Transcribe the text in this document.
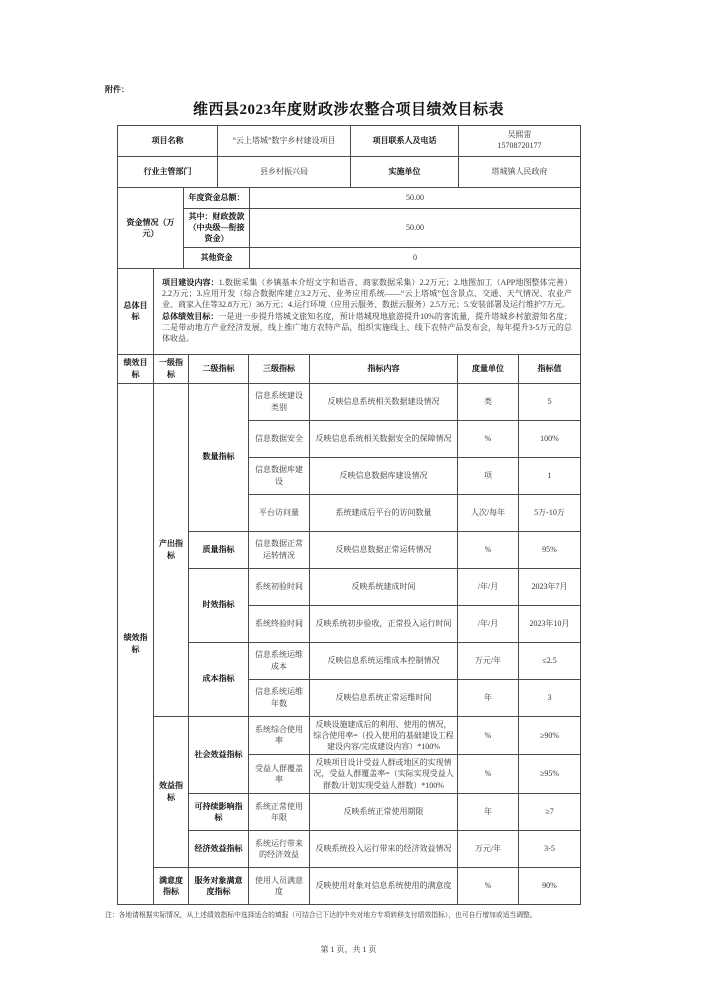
附件：
维西县2023年度财政涉农整合项目绩效目标表
项目名称	“云上塔城”数字乡村建设项目	项目联系人及电话	吴熙雷
15708720177

行业主管部门	县乡村振兴局	实施单位	塔城镇人民政府
资金情况（万元）	年度资金总额：	50.00
	其中：财政拨款（中央级—衔接资金）	50.00
	其他资金	0
总体目标	

项目建设内容：1.数据采集（乡镇基本介绍文字和语音、商家数据采集）2.2万元；2.地图加工（APP地图整体完善）2.2万元；3.应用开发（综合数据库建立3.2万元、业务应用系统——“云上塔城”包含景点、交通、天气情况、农业产业、商家入住等32.8万元）36万元；4.运行环境（应用云服务、数据云服务）2.5万元；5.安装部署及运行维护7万元。

总体绩效目标：一是进一步提升塔城文旅知名度，预计塔城现地旅游提升10%的客流量，提升塔城乡村旅游知名度；二是带动地方产业经济发展，线上推广地方农特产品，组织实施线上、线下农特产品发布会，每年提升3-5万元的总体收益。

绩效目标	一级指标	二级指标	三级指标	指标内容	度量单位	指标值
绩效指标	产出指标	数量指标	信息系统建设类别	反映信息系统相关数据建设情况	类	5
			信息数据安全	反映信息系统相关数据安全的保障情况	%	100%
			信息数据库建设	反映信息数据库建设情况	项	1
			平台访问量	系统建成后平台的访问数量	人次/每年	5万-10万
		质量指标	信息数据正常运转情况	反映信息数据正常运转情况	%	95%
		时效指标	系统初验时间	反映系统建成时间	/年/月	2023年7月
			系统终验时间	反映系统初步验收，正常投入运行时间	/年/月	2023年10月
		成本指标	信息系统运维成本	反映信息系统运维成本控制情况	万元/年	≤2.5
			信息系统运维年数	反映信息系统正常运维时间	年	3
	效益指标	社会效益指标	系统综合使用率	反映设施建成后的利用、使用的情况，综合使用率=（投入使用的基础建设工程建设内容/完成建设内容）*100%	%	≥90%
			受益人群覆盖率	反映项目设计受益人群或地区的实现情况，受益人群覆盖率=（实际实现受益人群数/计划实现受益人群数）*100%	%	≥95%
		可持续影响指标	系统正常使用年限	反映系统正常使用期限	年	≥7
		经济效益指标	系统运行带来的经济效益	反映系统投入运行带来的经济效益情况	万元/年	3-5
	满意度指标	服务对象满意度指标	使用人员满意度	反映使用对象对信息系统使用的满意度	%	90%
注：各地请根据实际情况，从上述绩效指标中选择适合的填报（可结合已下达的中央对地方专项转移支付绩效指标），也可自行增加或适当调整。
第 1 页，共 1 页
